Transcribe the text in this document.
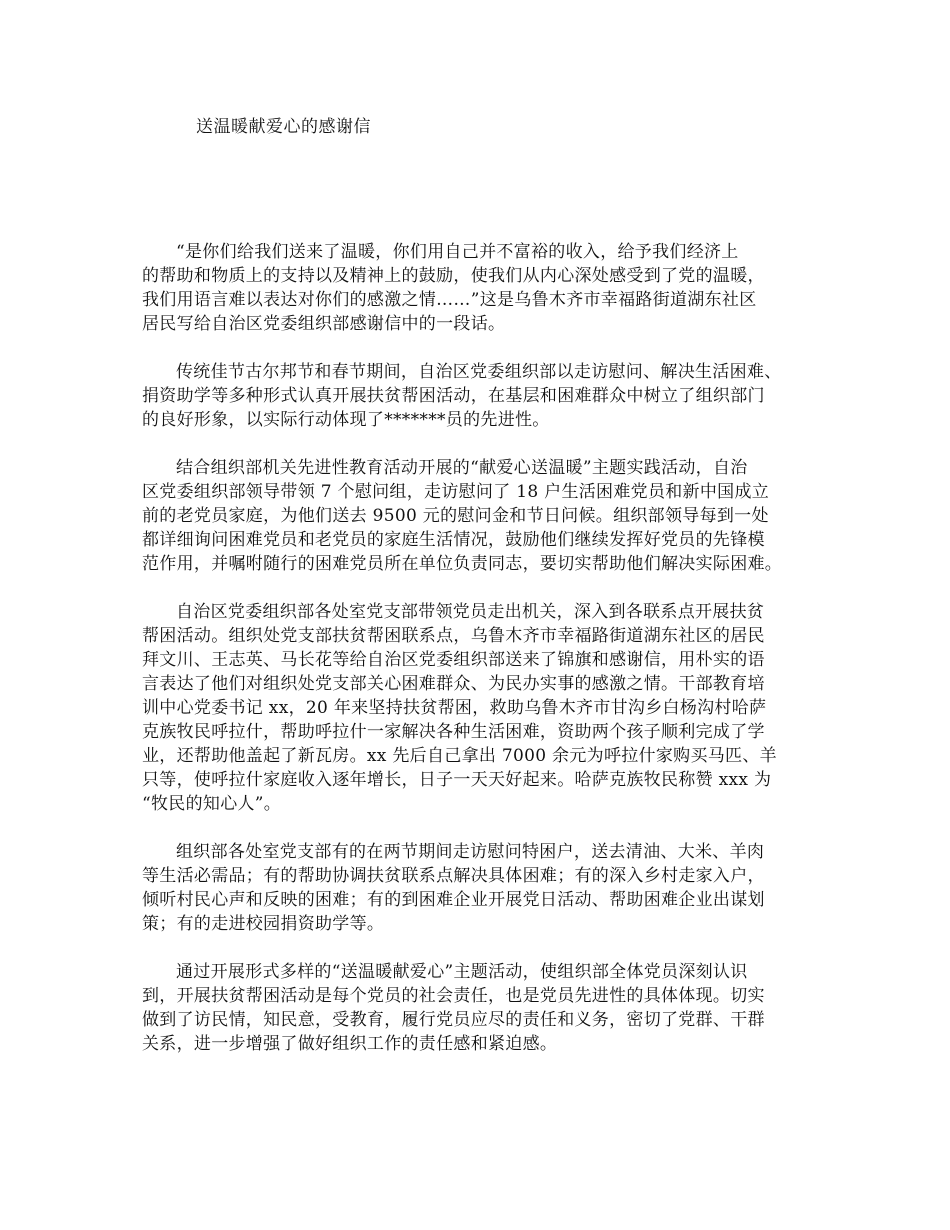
送温暖献爱心的感谢信
“是你们给我们送来了温暖，你们用自己并不富裕的收入，给予我们经济上
的帮助和物质上的支持以及精神上的鼓励，使我们从内心深处感受到了党的温暖，
我们用语言难以表达对你们的感激之情……”这是乌鲁木齐市幸福路街道湖东社区
居民写给自治区党委组织部感谢信中的一段话。
传统佳节古尔邦节和春节期间，自治区党委组织部以走访慰问、解决生活困难、
捐资助学等多种形式认真开展扶贫帮困活动，在基层和困难群众中树立了组织部门
的良好形象，以实际行动体现了*******员的先进性。
结合组织部机关先进性教育活动开展的“献爱心送温暖”主题实践活动，自治
区党委组织部领导带领 7 个慰问组，走访慰问了 18 户生活困难党员和新中国成立
前的老党员家庭，为他们送去 9500 元的慰问金和节日问候。组织部领导每到一处
都详细询问困难党员和老党员的家庭生活情况，鼓励他们继续发挥好党员的先锋模
范作用，并嘱咐随行的困难党员所在单位负责同志，要切实帮助他们解决实际困难。
自治区党委组织部各处室党支部带领党员走出机关，深入到各联系点开展扶贫
帮困活动。组织处党支部扶贫帮困联系点，乌鲁木齐市幸福路街道湖东社区的居民
拜文川、王志英、马长花等给自治区党委组织部送来了锦旗和感谢信，用朴实的语
言表达了他们对组织处党支部关心困难群众、为民办实事的感激之情。干部教育培
训中心党委书记 xx，20 年来坚持扶贫帮困，救助乌鲁木齐市甘沟乡白杨沟村哈萨
克族牧民呼拉什，帮助呼拉什一家解决各种生活困难，资助两个孩子顺利完成了学
业，还帮助他盖起了新瓦房。xx 先后自己拿出 7000 余元为呼拉什家购买马匹、羊
只等，使呼拉什家庭收入逐年增长，日子一天天好起来。哈萨克族牧民称赞 xxx 为
“牧民的知心人”。
组织部各处室党支部有的在两节期间走访慰问特困户，送去清油、大米、羊肉
等生活必需品；有的帮助协调扶贫联系点解决具体困难；有的深入乡村走家入户，
倾听村民心声和反映的困难；有的到困难企业开展党日活动、帮助困难企业出谋划
策；有的走进校园捐资助学等。
通过开展形式多样的“送温暖献爱心”主题活动，使组织部全体党员深刻认识
到，开展扶贫帮困活动是每个党员的社会责任，也是党员先进性的具体体现。切实
做到了访民情，知民意，受教育，履行党员应尽的责任和义务，密切了党群、干群
关系，进一步增强了做好组织工作的责任感和紧迫感。
